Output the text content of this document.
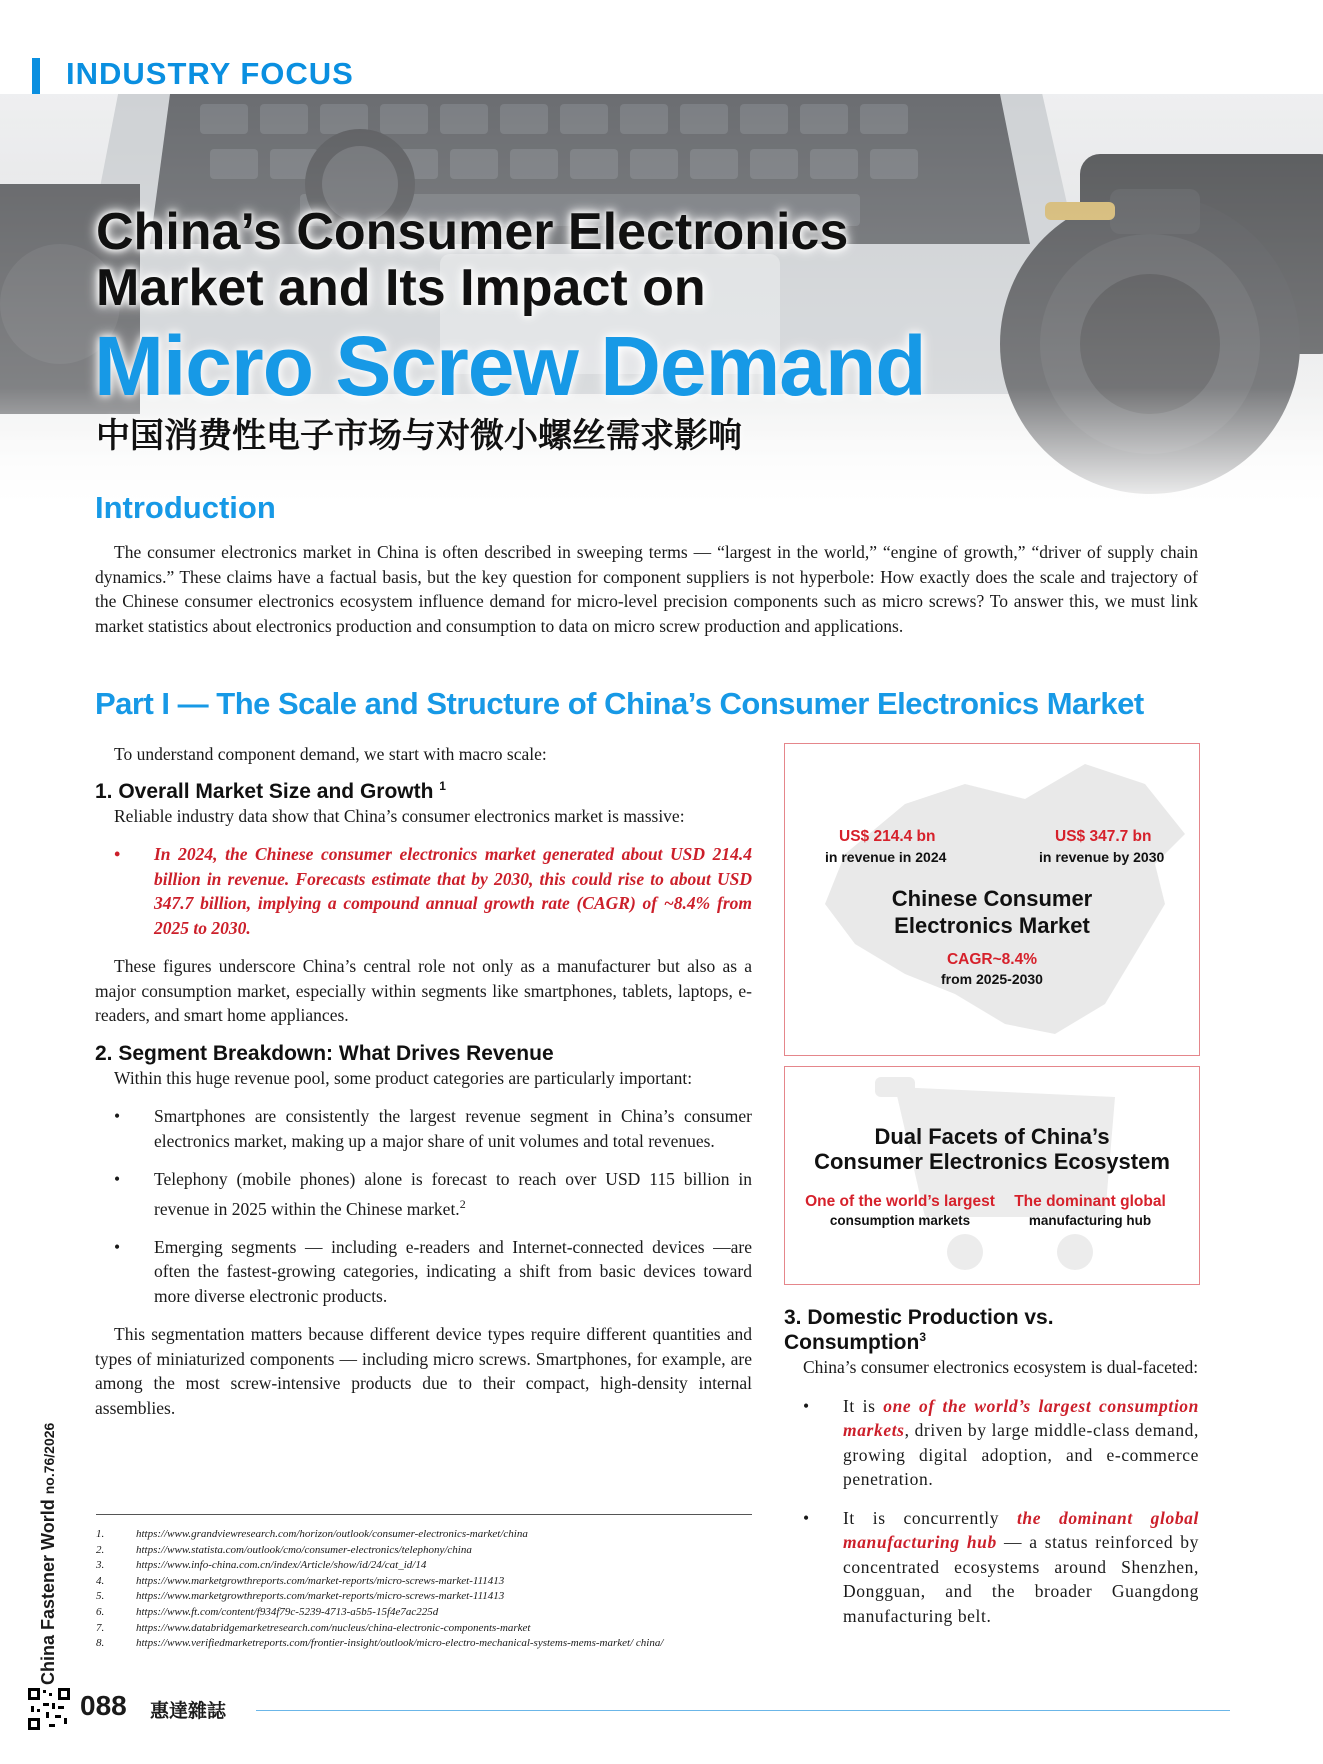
INDUSTRY FOCUS
China’s Consumer Electronics
Market and Its Impact on
Micro Screw Demand
中国消费性电子市场与对微小螺丝需求影响
Introduction
The consumer electronics market in China is often described in sweeping terms — “largest in the world,” “engine of growth,” “driver of supply chain dynamics.” These claims have a factual basis, but the key question for component suppliers is not hyperbole: How exactly does the scale and trajectory of the Chinese consumer electronics ecosystem influence demand for micro-level precision components such as micro screws? To answer this, we must link market statistics about electronics production and consumption to data on micro screw production and applications.
Part I — The Scale and Structure of China’s Consumer Electronics Market
To understand component demand, we start with macro scale:
1. Overall Market Size and Growth $^1$
Reliable industry data show that China’s consumer electronics market is massive:
• In 2024, the Chinese consumer electronics market generated about USD 214.4 billion in revenue. Forecasts estimate that by 2030, this could rise to about USD 347.7 billion, implying a compound annual growth rate (CAGR) of ~8.4% from 2025 to 2030.
These figures underscore China’s central role not only as a manufacturer but also as a major consumption market, especially within segments like smartphones, tablets, laptops, e-readers, and smart home appliances.
2. Segment Breakdown: What Drives Revenue
Within this huge revenue pool, some product categories are particularly important:
• Smartphones are consistently the largest revenue segment in China’s consumer electronics market, making up a major share of unit volumes and total revenues.
• Telephony (mobile phones) alone is forecast to reach over USD 115 billion in revenue in 2025 within the Chinese market.$^2$
• Emerging segments — including e-readers and Internet-connected devices —are often the fastest-growing categories, indicating a shift from basic devices toward more diverse electronic products.
This segmentation matters because different device types require different quantities and types of miniaturized components — including micro screws. Smartphones, for example, are among the most screw-intensive products due to their compact, high-density internal assemblies.
US$ 214.4 bn
in revenue in 2024
US$ 347.7 bn
in revenue by 2030
Chinese Consumer
Electronics Market
CAGR~8.4%
from 2025-2030
Dual Facets of China’s
Consumer Electronics Ecosystem
One of the world’s largest
consumption markets
The dominant global
manufacturing hub
3. Domestic Production vs. Consumption$^3$
China’s consumer electronics ecosystem is dual-faceted:
• It is one of the world’s largest consumption markets, driven by large middle-class demand, growing digital adoption, and e-commerce penetration.
• It is concurrently the dominant global manufacturing hub — a status reinforced by concentrated ecosystems around Shenzhen, Dongguan, and the broader Guangdong manufacturing belt.
1.	https://www.grandviewresearch.com/horizon/outlook/consumer-electronics-market/china
2.	https://www.statista.com/outlook/cmo/consumer-electronics/telephony/china
3.	https://www.info-china.com.cn/index/Article/show/id/24/cat_id/14
4.	https://www.marketgrowthreports.com/market-reports/micro-screws-market-111413
5.	https://www.marketgrowthreports.com/market-reports/micro-screws-market-111413
6.	https://www.ft.com/content/f934f79c-5239-4713-a5b5-15f4e7ac225d
7.	https://www.databridgemarketresearch.com/nucleus/china-electronic-components-market
8.	https://www.verifiedmarketreports.com/frontier-insight/outlook/micro-electro-mechanical-systems-mems-market/ china/
China Fastener World no.76/2026
088 惠達雜誌
